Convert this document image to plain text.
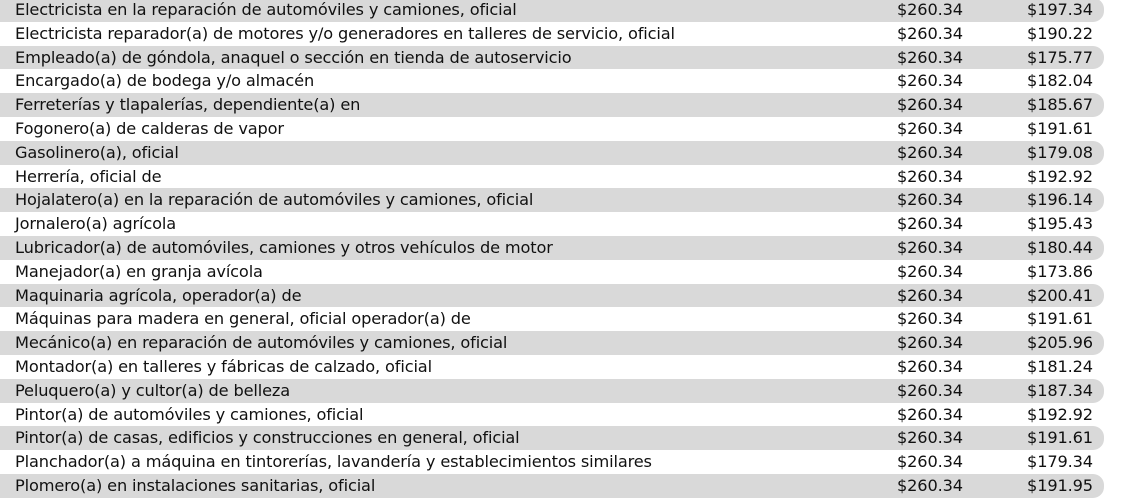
Electricista en la reparación de automóviles y camiones, oficial	$260.34	$197.34
Electricista reparador(a) de motores y/o generadores en talleres de servicio, oficial	$260.34	$190.22
Empleado(a) de góndola, anaquel o sección en tienda de autoservicio	$260.34	$175.77
Encargado(a) de bodega y/o almacén	$260.34	$182.04
Ferreterías y tlapalerías, dependiente(a) en	$260.34	$185.67
Fogonero(a) de calderas de vapor	$260.34	$191.61
Gasolinero(a), oficial	$260.34	$179.08
Herrería, oficial de	$260.34	$192.92
Hojalatero(a) en la reparación de automóviles y camiones, oficial	$260.34	$196.14
Jornalero(a) agrícola	$260.34	$195.43
Lubricador(a) de automóviles, camiones y otros vehículos de motor	$260.34	$180.44
Manejador(a) en granja avícola	$260.34	$173.86
Maquinaria agrícola, operador(a) de	$260.34	$200.41
Máquinas para madera en general, oficial operador(a) de	$260.34	$191.61
Mecánico(a) en reparación de automóviles y camiones, oficial	$260.34	$205.96
Montador(a) en talleres y fábricas de calzado, oficial	$260.34	$181.24
Peluquero(a) y cultor(a) de belleza	$260.34	$187.34
Pintor(a) de automóviles y camiones, oficial	$260.34	$192.92
Pintor(a) de casas, edificios y construcciones en general, oficial	$260.34	$191.61
Planchador(a) a máquina en tintorerías, lavandería y establecimientos similares	$260.34	$179.34
Plomero(a) en instalaciones sanitarias, oficial	$260.34	$191.95
